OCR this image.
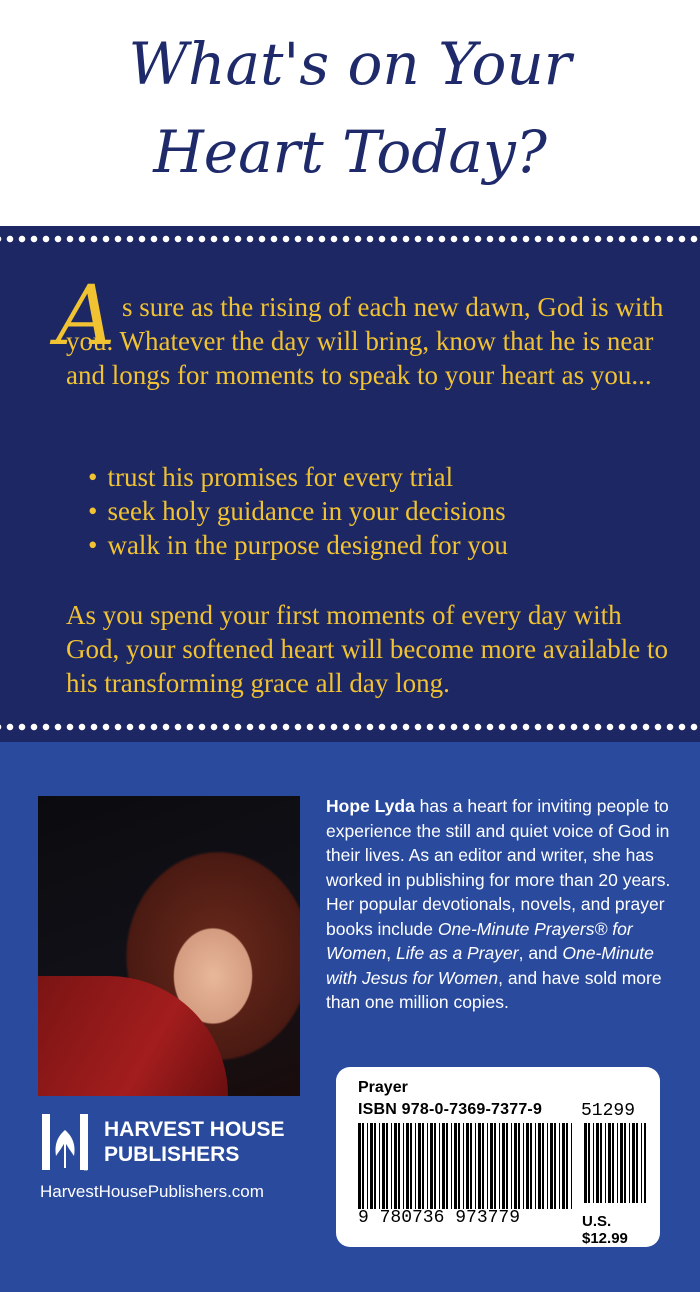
What's on Your
Heart Today?
A s sure as the rising of each new dawn, God is with you. Whatever the day will bring, know that he is near and longs for moments to speak to your heart as you...

• trust his promises for every trial
• seek holy guidance in your decisions
• walk in the purpose designed for you

As you spend your first moments of every day with God, your softened heart will become more available to his transforming grace all day long.

Hope Lyda has a heart for inviting people to experience the still and quiet voice of God in their lives. As an editor and writer, she has worked in publishing for more than 20 years. Her popular devotionals, novels, and prayer books include One-Minute Prayers® for Women, Life as a Prayer, and One-Minute with Jesus for Women, and have sold more than one million copies.
®
HARVEST HOUSE
PUBLISHERS
HarvestHousePublishers.com
Prayer
ISBN 978-0-7369-7377-9 51299
9 780736 973779	U.S. $12.99
